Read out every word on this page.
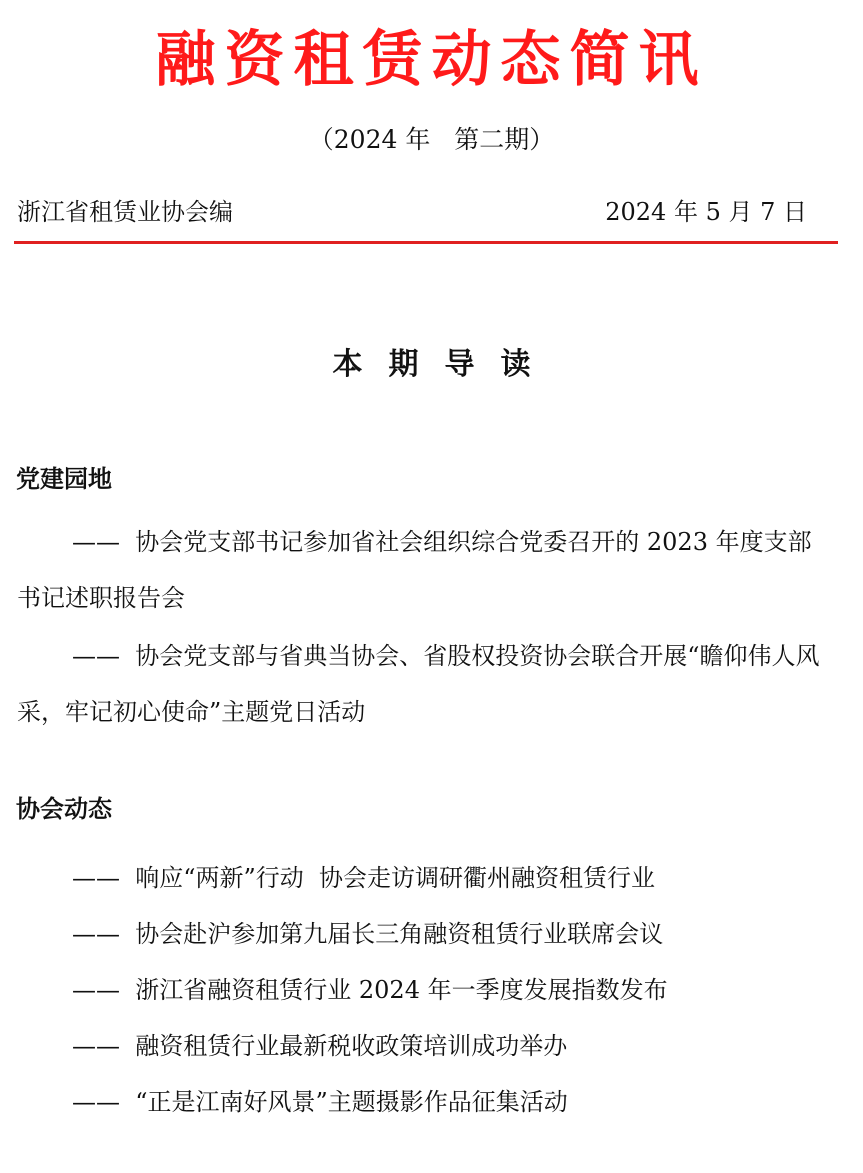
融资租赁动态简讯
（2024 年   第二期）
浙江省租赁业协会编	2024 年 5 月 7 日
本期导读
党建园地
—— 协会党支部书记参加省社会组织综合党委召开的 2023 年度支部书记述职报告会
—— 协会党支部与省典当协会、省股权投资协会联合开展“瞻仰伟人风采，牢记初心使命”主题党日活动
协会动态
—— 响应“两新”行动  协会走访调研衢州融资租赁行业
—— 协会赴沪参加第九届长三角融资租赁行业联席会议
—— 浙江省融资租赁行业 2024 年一季度发展指数发布
—— 融资租赁行业最新税收政策培训成功举办
—— “正是江南好风景”主题摄影作品征集活动
